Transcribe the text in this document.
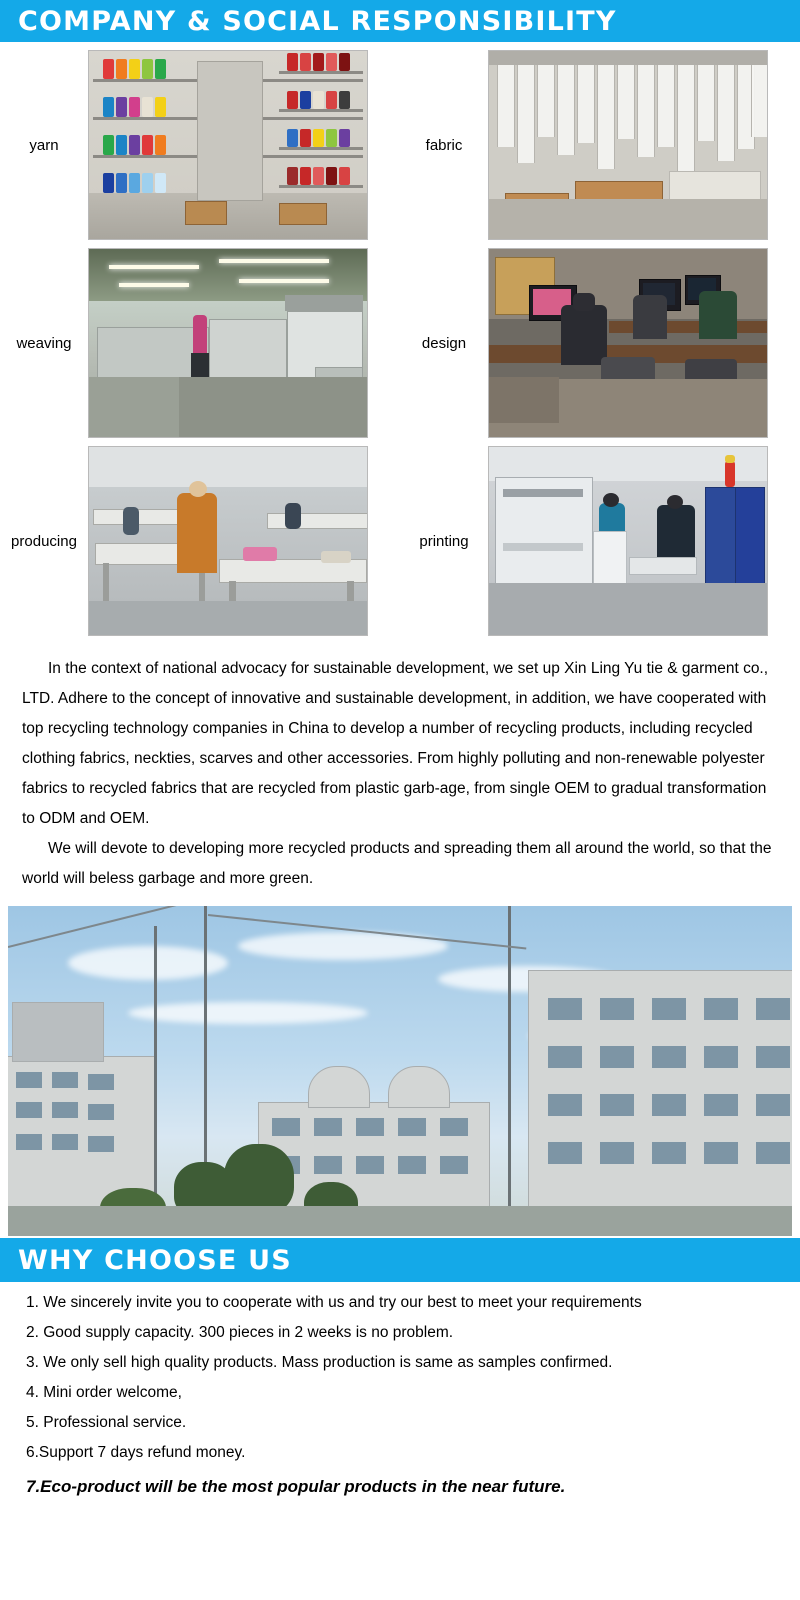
COMPANY & SOCIAL RESPONSIBILITY
yarn	fabric
weaving	design
producing	printing

In the context of national advocacy for sustainable development, we set up Xin Ling Yu tie & garment co., LTD. Adhere to the concept of innovative and sustainable development, in addition, we have cooperated with top recycling technology companies in China to develop a number of recycling products, including recycled clothing fabrics, neckties, scarves and other accessories. From highly polluting and non-renewable polyester fabrics to recycled fabrics that are recycled from plastic garb-age, from single OEM to gradual transformation to ODM and OEM.

We will devote to developing more recycled products and spreading them all around the world, so that the world will beless garbage and more green.

WHY CHOOSE US
1. We sincerely invite you to cooperate with us and try our best to meet your requirements
2. Good supply capacity. 300 pieces in 2 weeks is no problem.
3. We only sell high quality products. Mass production is same as samples confirmed.
4. Mini order welcome,
5. Professional service.
6.Support 7 days refund money.
7.Eco-product will be the most popular products in the near future.
